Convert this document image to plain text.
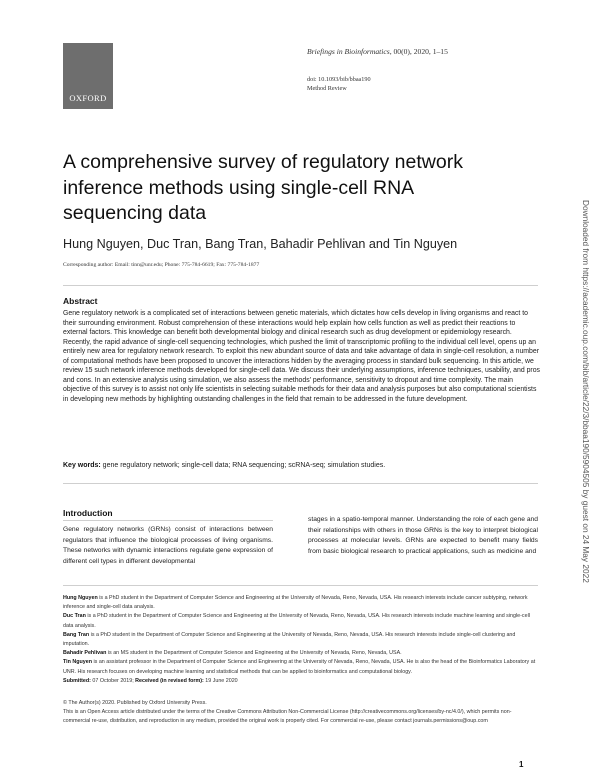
OXFORD
Briefings in Bioinformatics, 00(0), 2020, 1–15
doi: 10.1093/bib/bbaa190
Method Review
A comprehensive survey of regulatory network inference methods using single-cell RNA sequencing data
Hung Nguyen, Duc Tran, Bang Tran, Bahadir Pehlivan and Tin Nguyen
Corresponding author: Email: tinn@unr.edu; Phone: 775-784-6619; Fax: 775-784-1877
Abstract
Gene regulatory network is a complicated set of interactions between genetic materials, which dictates how cells develop in living organisms and react to their surrounding environment. Robust comprehension of these interactions would help explain how cells function as well as predict their reactions to external factors. This knowledge can benefit both developmental biology and clinical research such as drug development or epidemiology research. Recently, the rapid advance of single-cell sequencing technologies, which pushed the limit of transcriptomic profiling to the individual cell level, opens up an entirely new area for regulatory network research. To exploit this new abundant source of data and take advantage of data in single-cell resolution, a number of computational methods have been proposed to uncover the interactions hidden by the averaging process in standard bulk sequencing. In this article, we review 15 such network inference methods developed for single-cell data. We discuss their underlying assumptions, inference techniques, usability, and pros and cons. In an extensive analysis using simulation, we also assess the methods' performance, sensitivity to dropout and time complexity. The main objective of this survey is to assist not only life scientists in selecting suitable methods for their data and analysis purposes but also computational scientists in developing new methods by highlighting outstanding challenges in the field that remain to be addressed in the future development.
Key words: gene regulatory network; single-cell data; RNA sequencing; scRNA-seq; simulation studies.
Introduction
Gene regulatory networks (GRNs) consist of interactions between regulators that influence the biological processes of living organisms. These networks with dynamic interactions regulate gene expression of different cell types in different developmental
stages in a spatio-temporal manner. Understanding the role of each gene and their relationships with others in those GRNs is the key to interpret biological processes at molecular levels. GRNs are expected to benefit many fields from basic biological research to practical applications, such as medicine and

Hung Nguyen is a PhD student in the Department of Computer Science and Engineering at the University of Nevada, Reno, Nevada, USA. His research interests include cancer subtyping, network inference and single-cell data analysis.

Duc Tran is a PhD student in the Department of Computer Science and Engineering at the University of Nevada, Reno, Nevada, USA. His research interests include machine learning and single-cell data analysis.

Bang Tran is a PhD student in the Department of Computer Science and Engineering at the University of Nevada, Reno, Nevada, USA. His research interests include single-cell clustering and imputation.

Bahadir Pehlivan is an MS student in the Department of Computer Science and Engineering at the University of Nevada, Reno, Nevada, USA.

Tin Nguyen is an assistant professor in the Department of Computer Science and Engineering at the University of Nevada, Reno, Nevada, USA. He is also the head of the Bioinformatics Laboratory at UNR. His research focuses on developing machine learning and statistical methods that can be applied to bioinformatics and computational biology.

Submitted: 07 October 2019; Received (in revised form): 19 June 2020

© The Author(s) 2020. Published by Oxford University Press.

This is an Open Access article distributed under the terms of the Creative Commons Attribution Non-Commercial License (http://creativecommons.org/licenses/by-nc/4.0/), which permits non-commercial re-use, distribution, and reproduction in any medium, provided the original work is properly cited. For commercial re-use, please contact journals.permissions@oup.com

1
Downloaded from https://academic.oup.com/bib/article/22/3/bbaa190/5904505 by guest on 24 May 2022
